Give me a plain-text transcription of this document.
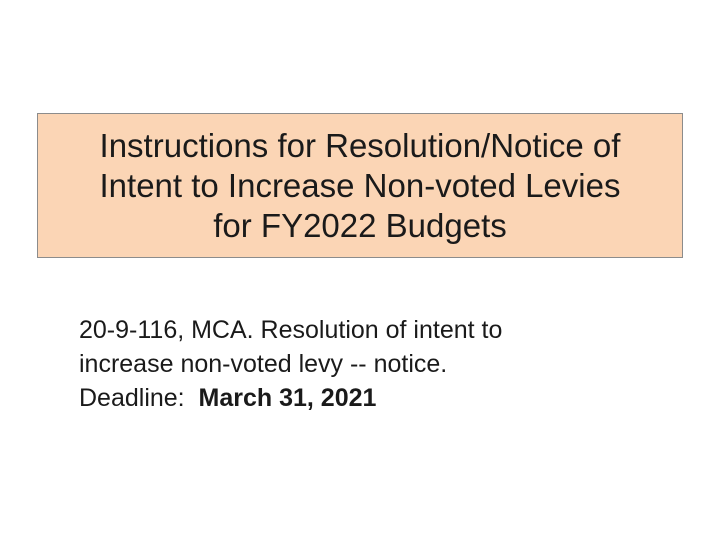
Instructions for Resolution/Notice of
Intent to Increase Non-voted Levies
for FY2022 Budgets
20-9-116, MCA. Resolution of intent to
increase non-voted levy -- notice.
Deadline:  March 31, 2021
